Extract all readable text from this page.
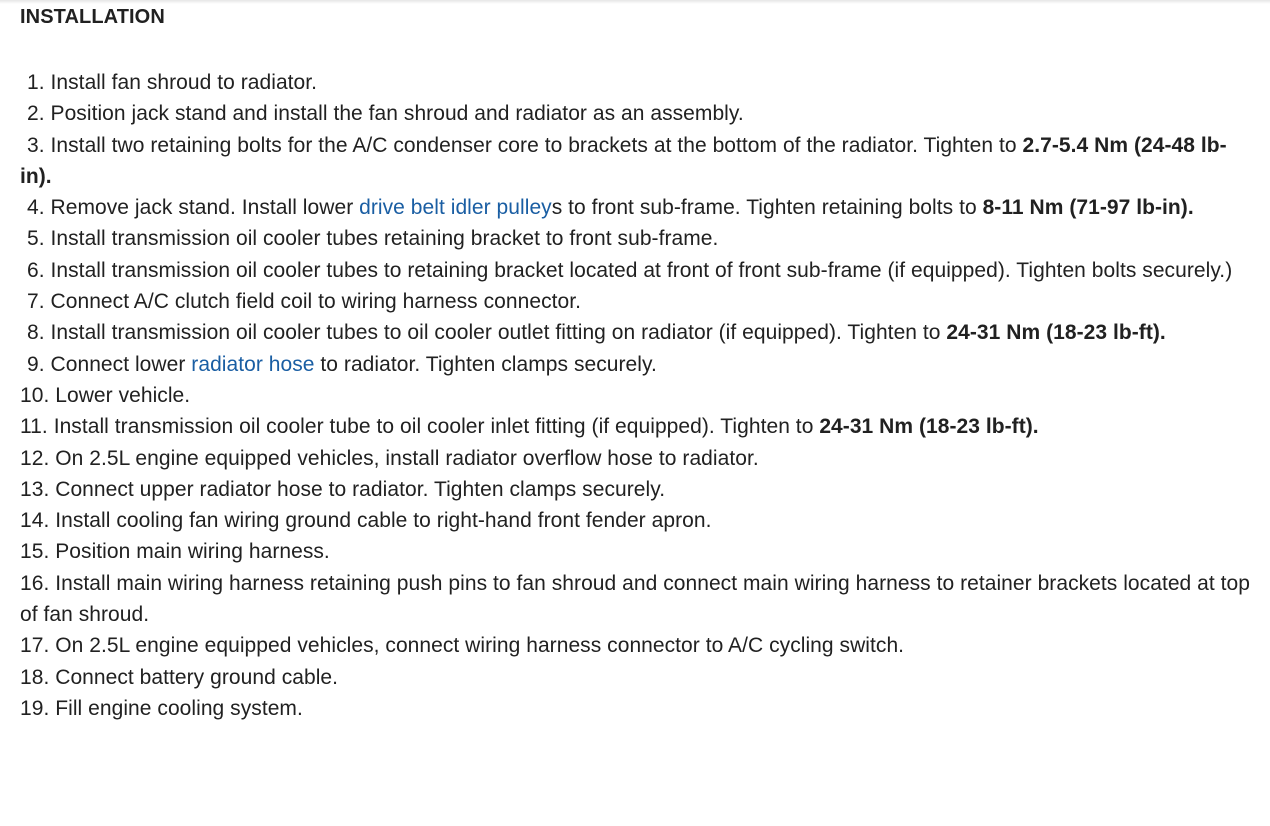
INSTALLATION
1. Install fan shroud to radiator.
2. Position jack stand and install the fan shroud and radiator as an assembly.
3. Install two retaining bolts for the A/C condenser core to brackets at the bottom of the radiator. Tighten to 2.7-5.4 Nm (24-48 lb-in).
4. Remove jack stand. Install lower drive belt idler pulleys to front sub-frame. Tighten retaining bolts to 8-11 Nm (71-97 lb-in).
5. Install transmission oil cooler tubes retaining bracket to front sub-frame.
6. Install transmission oil cooler tubes to retaining bracket located at front of front sub-frame (if equipped). Tighten bolts securely.)
7. Connect A/C clutch field coil to wiring harness connector.
8. Install transmission oil cooler tubes to oil cooler outlet fitting on radiator (if equipped). Tighten to 24-31 Nm (18-23 lb-ft).
9. Connect lower radiator hose to radiator. Tighten clamps securely.
10. Lower vehicle.
11. Install transmission oil cooler tube to oil cooler inlet fitting (if equipped). Tighten to 24-31 Nm (18-23 lb-ft).
12. On 2.5L engine equipped vehicles, install radiator overflow hose to radiator.
13. Connect upper radiator hose to radiator. Tighten clamps securely.
14. Install cooling fan wiring ground cable to right-hand front fender apron.
15. Position main wiring harness.
16. Install main wiring harness retaining push pins to fan shroud and connect main wiring harness to retainer brackets located at top of fan shroud.
17. On 2.5L engine equipped vehicles, connect wiring harness connector to A/C cycling switch.
18. Connect battery ground cable.
19. Fill engine cooling system.
